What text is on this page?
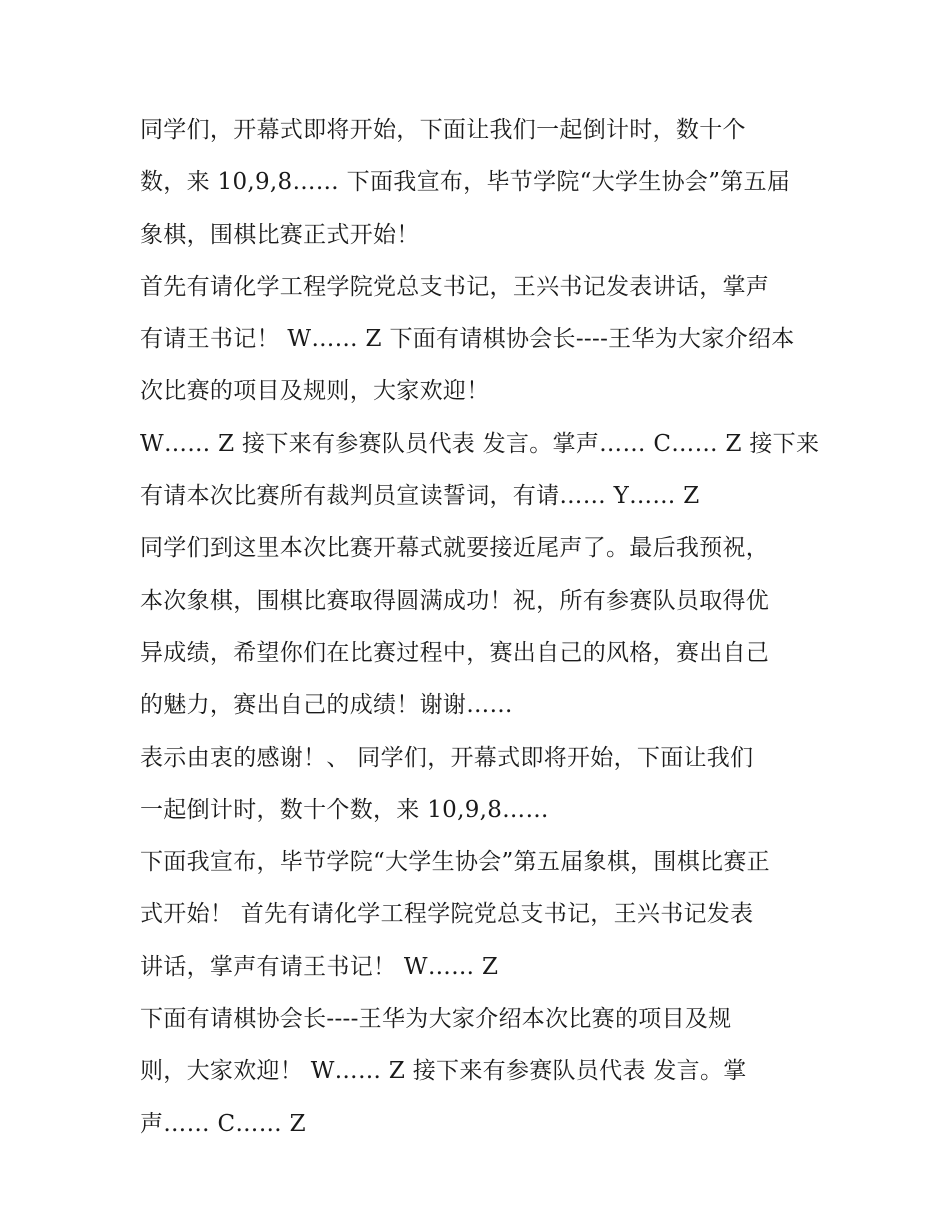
同学们，开幕式即将开始，下面让我们一起倒计时，数十个
数，来 10,9,8…… 下面我宣布，毕节学院“大学生协会”第五届
象棋，围棋比赛正式开始！
首先有请化学工程学院党总支书记，王兴书记发表讲话，掌声
有请王书记！ W…… Z 下面有请棋协会长----王华为大家介绍本
次比赛的项目及规则，大家欢迎！
W…… Z 接下来有参赛队员代表 发言。掌声…… C…… Z 接下来
有请本次比赛所有裁判员宣读誓词，有请…… Y…… Z
同学们到这里本次比赛开幕式就要接近尾声了。最后我预祝，
本次象棋，围棋比赛取得圆满成功！祝，所有参赛队员取得优
异成绩，希望你们在比赛过程中，赛出自己的风格，赛出自己
的魅力，赛出自己的成绩！谢谢……
表示由衷的感谢！、 同学们，开幕式即将开始，下面让我们
一起倒计时，数十个数，来 10,9,8……
下面我宣布，毕节学院“大学生协会”第五届象棋，围棋比赛正
式开始！ 首先有请化学工程学院党总支书记，王兴书记发表
讲话，掌声有请王书记！ W…… Z
下面有请棋协会长----王华为大家介绍本次比赛的项目及规
则，大家欢迎！ W…… Z 接下来有参赛队员代表 发言。掌
声…… C…… Z
